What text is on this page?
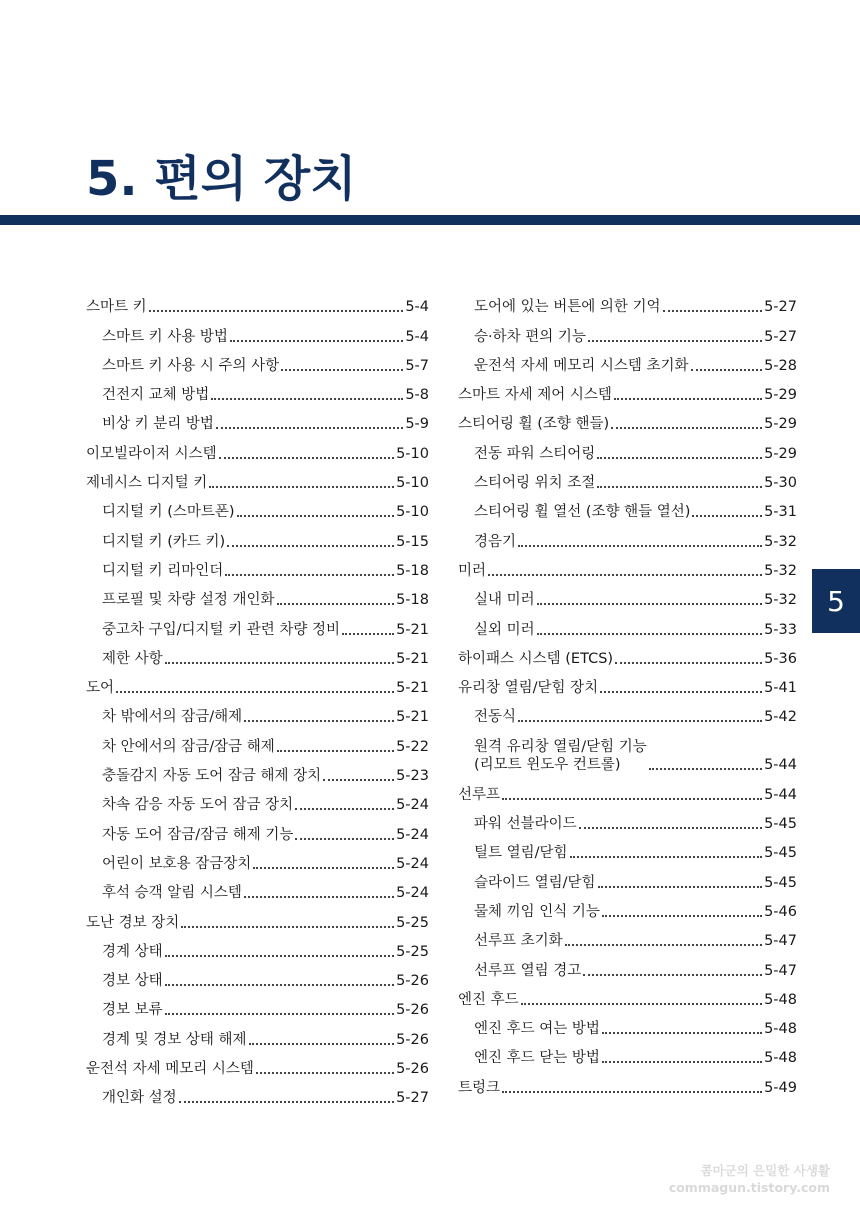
5. 편의 장치
스마트 키	5-4
스마트 키 사용 방법	5-4
스마트 키 사용 시 주의 사항	5-7
건전지 교체 방법	5-8
비상 키 분리 방법	5-9
이모빌라이저 시스템	5-10
제네시스 디지털 키	5-10
디지털 키 (스마트폰)	5-10
디지털 키 (카드 키)	5-15
디지털 키 리마인더	5-18
프로필 및 차량 설정 개인화	5-18
중고차 구입/디지털 키 관련 차량 정비	5-21
제한 사항	5-21
도어	5-21
차 밖에서의 잠금/해제	5-21
차 안에서의 잠금/잠금 해제	5-22
충돌감지 자동 도어 잠금 해제 장치	5-23
차속 감응 자동 도어 잠금 장치	5-24
자동 도어 잠금/잠금 해제 기능	5-24
어린이 보호용 잠금장치	5-24
후석 승객 알림 시스템	5-24
도난 경보 장치	5-25
경계 상태	5-25
경보 상태	5-26
경보 보류	5-26
경계 및 경보 상태 해제	5-26
운전석 자세 메모리 시스템	5-26
개인화 설정	5-27
도어에 있는 버튼에 의한 기억	5-27
승·하차 편의 기능	5-27
운전석 자세 메모리 시스템 초기화	5-28
스마트 자세 제어 시스템	5-29
스티어링 휠 (조향 핸들)	5-29
전동 파워 스티어링	5-29
스티어링 위치 조절	5-30
스티어링 휠 열선 (조향 핸들 열선)	5-31
경음기	5-32
미러	5-32
실내 미러	5-32
실외 미러	5-33
하이패스 시스템 (ETCS)	5-36
유리창 열림/닫힘 장치	5-41
전동식	5-42
원격 유리창 열림/닫힘 기능
(리모트 윈도우 컨트롤)	5-44
선루프	5-44
파워 선블라이드	5-45
틸트 열림/닫힘	5-45
슬라이드 열림/닫힘	5-45
물체 끼임 인식 기능	5-46
선루프 초기화	5-47
선루프 열림 경고	5-47
엔진 후드	5-48
엔진 후드 여는 방법	5-48
엔진 후드 닫는 방법	5-48
트렁크	5-49
5
콤마군의 은밀한 사생활
commagun.tistory.com
